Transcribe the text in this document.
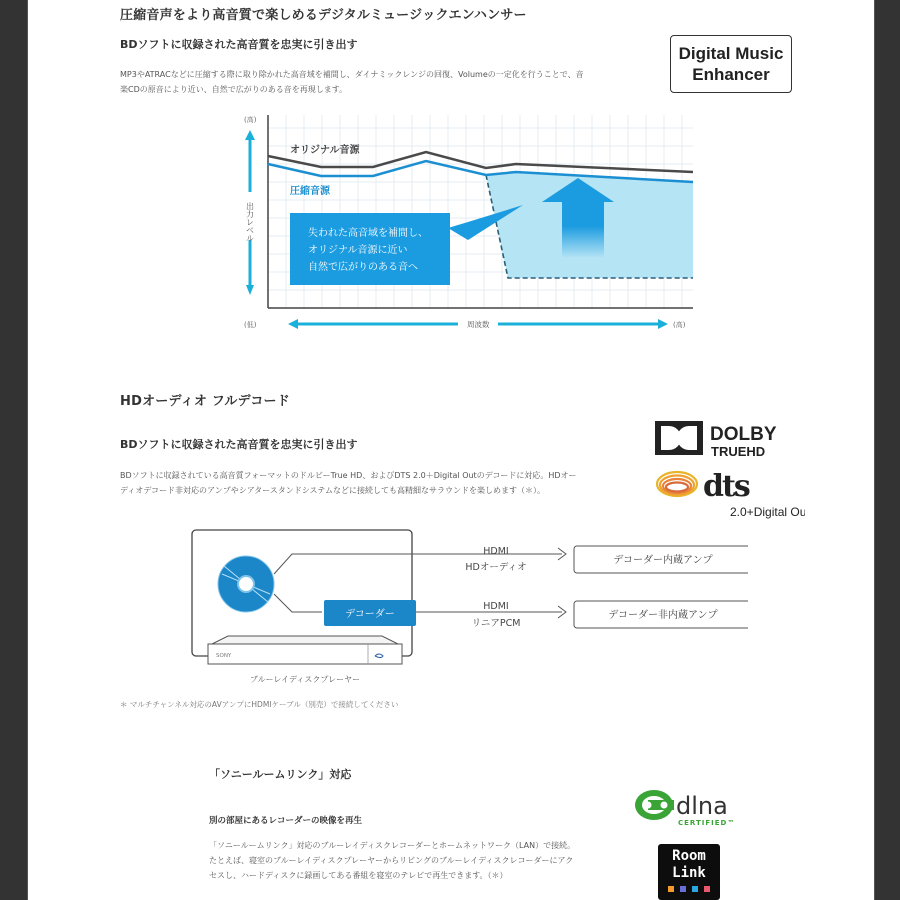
圧縮音声をより高音質で楽しめるデジタルミュージックエンハンサー
BDソフトに収録された高音質を忠実に引き出す
MP3やATRACなどに圧縮する際に取り除かれた高音域を補間し、ダイナミックレンジの回復、Volumeの一定化を行うことで、音
楽CDの原音により近い、自然で広がりのある音を再現します。
Digital Music
Enhancer
オリジナル音源
圧縮音源
失われた高音域を補間し、
オリジナル音源に近い
自然で広がりのある音へ
(高)
出力レベル
(低)	周波数	(高)
HDオーディオ フルデコード
BDソフトに収録された高音質を忠実に引き出す
BDソフトに収録されている高音質フォーマットのドルビーTrue HD、およびDTS 2.0＋Digital Outのデコードに対応。HDオー
ディオデコード非対応のアンプやシアタースタンドシステムなどに接続しても高精細なサラウンドを楽しめます（＊）。
DOLBY
TRUEHD
dts
2.0+Digital Out
デコーダー
HDMI
HDオーディオ
HDMI
リニアPCM
デコーダー内蔵アンプ
デコーダー非内蔵アンプ
SONY
ブルーレイディスクプレーヤー
＊ マルチチャンネル対応のAVアンプにHDMIケーブル（別売）で接続してください
「ソニールームリンク」対応
別の部屋にあるレコーダーの映像を再生
「ソニールームリンク」対応のブルーレイディスクレコーダーとホームネットワーク（LAN）で接続。
たとえば、寝室のブルーレイディスクプレーヤーからリビングのブルーレイディスクレコーダーにアク
セスし、ハードディスクに録画してある番組を寝室のテレビで再生できます。（＊）
dlna
CERTIFIED™
Room
Link
